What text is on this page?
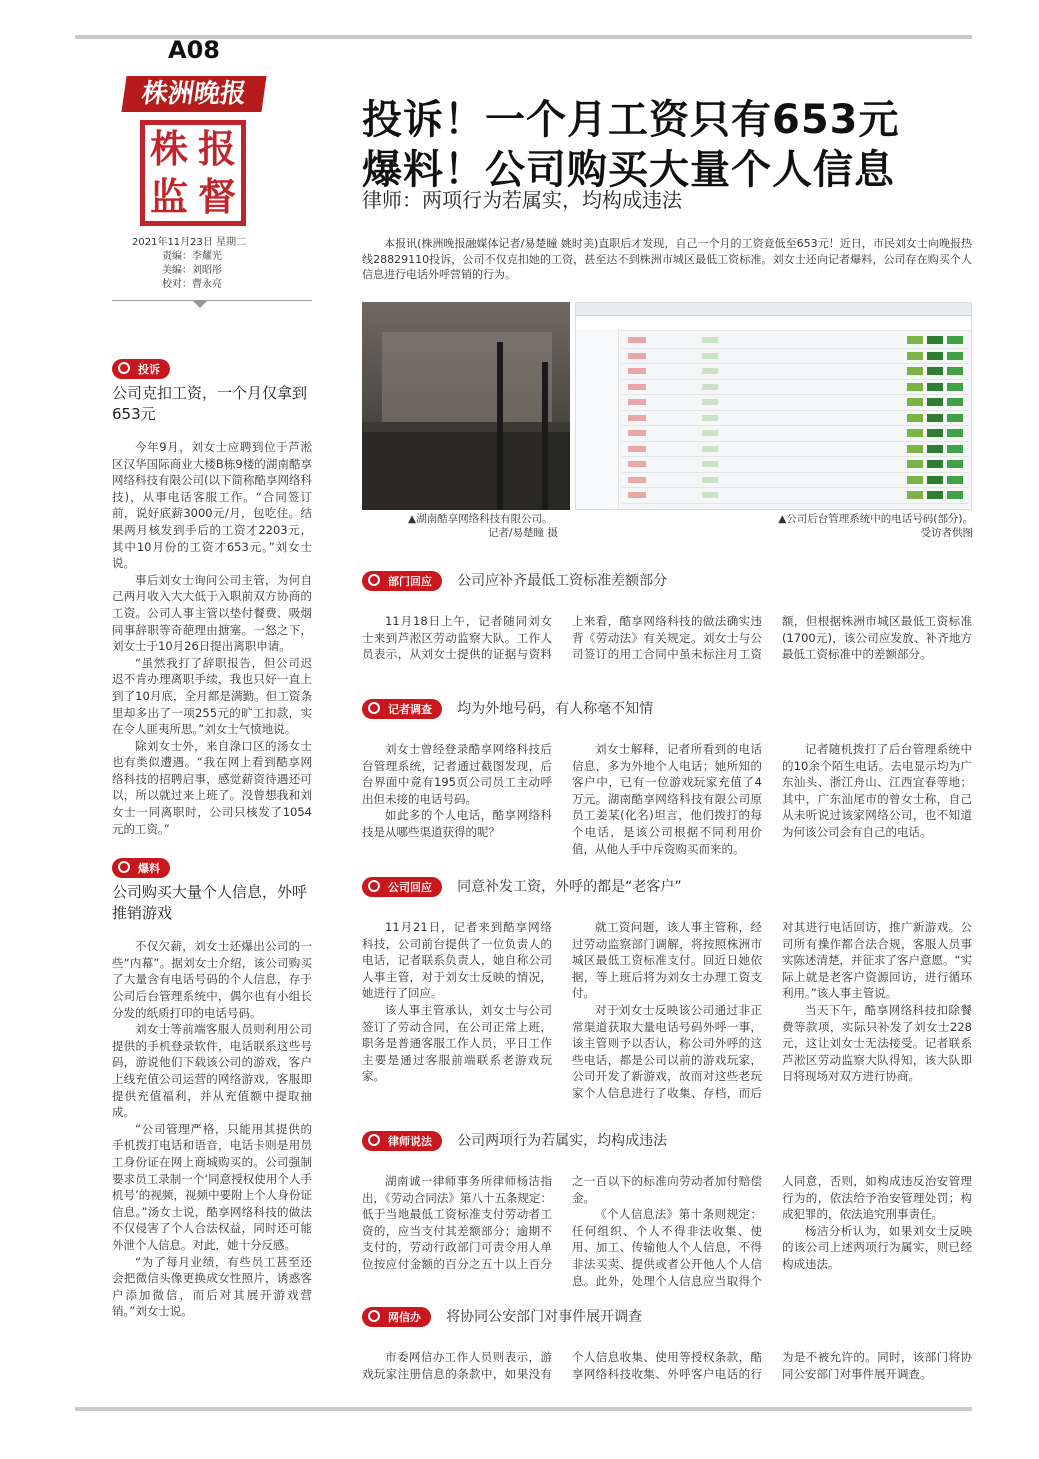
A08
株洲晚报
株 报
监 督
2021年11月23日 星期二
责编：李耀光
美编：刘昭彤
校对：曹永亮
投诉！一个月工资只有653元
爆料！公司购买大量个人信息
律师：两项行为若属实，均构成违法

本报讯(株洲晚报融媒体记者/易楚瞳 姚时美)直职后才发现，自己一个月的工资竟低至653元！近日，市民刘女士向晚报热线28829110投诉，公司不仅克扣她的工资，甚至达不到株洲市城区最低工资标准。刘女士还向记者爆料，公司存在购买个人信息进行电话外呼营销的行为。

▲湖南酷享网络科技有限公司。
记者/易楚瞳 摄
▲公司后台管理系统中的电话号码(部分)。
受访者供图
投诉
公司克扣工资，一个月仅拿到653元

今年9月，刘女士应聘到位于芦淞区汉华国际商业大楼B栋9楼的湖南酷享网络科技有限公司(以下简称酷享网络科技)，从事电话客服工作。“合同签订前，说好底薪3000元/月，包吃住。结果两月核发到手后的工资才2203元，其中10月份的工资才653元。”刘女士说。

事后刘女士询问公司主管，为何自己两月收入大大低于入职前双方协商的工资。公司人事主管以垫付餐费、吸烟同事辞职等奇葩理由搪塞。一怒之下，刘女士于10月26日提出离职申请。

“虽然我打了辞职报告，但公司迟迟不肯办理离职手续，我也只好一直上到了10月底，全月都是满勤。但工资条里却多出了一项255元的旷工扣款，实在令人匪夷所思。”刘女士气愤地说。

除刘女士外，来自淥口区的汤女士也有类似遭遇。“我在网上看到酷享网络科技的招聘启事，感觉薪资待遇还可以，所以就过来上班了。没曾想我和刘女士一同离职时，公司只核发了1054元的工资。”

爆料
公司购买大量个人信息，外呼推销游戏

不仅欠薪，刘女士还爆出公司的一些“内幕”。据刘女士介绍，该公司购买了大量含有电话号码的个人信息，存于公司后台管理系统中，偶尔也有小组长分发的纸质打印的电话号码。

刘女士等前端客服人员则利用公司提供的手机登录软件，电话联系这些号码，游说他们下载该公司的游戏，客户上线充值公司运营的网络游戏，客服即提供充值福利，并从充值额中提取抽成。

“公司管理严格，只能用其提供的手机拨打电话和语音，电话卡则是用员工身份证在网上商城购买的。公司强制要求员工录制一个‘同意授权使用个人手机号’的视频，视频中要附上个人身份证信息。”汤女士说，酷享网络科技的做法不仅侵害了个人合法权益，同时还可能外泄个人信息。对此，她十分反感。

“为了每月业绩，有些员工甚至还会把微信头像更换成女性照片，诱惑客户添加微信，而后对其展开游戏营销。”刘女士说。

部门回应 公司应补齐最低工资标准差额部分

11月18日上午，记者随同刘女士来到芦淞区劳动监察大队。工作人员表示，从刘女士提供的证据与资料上来看，酷享网络科技的做法确实违背《劳动法》有关规定。刘女士与公司签订的用工合同中虽未标注月工资额，但根据株洲市城区最低工资标准(1700元)，该公司应发放、补齐地方最低工资标准中的差额部分。

记者调查 均为外地号码，有人称毫不知情

刘女士曾经登录酷享网络科技后台管理系统，记者通过截图发现，后台界面中竟有195页公司员工主动呼出但未接的电话号码。

如此多的个人电话，酷享网络科技是从哪些渠道获得的呢？

刘女士解释，记者所看到的电话信息，多为外地个人电话；她所知的客户中，已有一位游戏玩家充值了4万元。湖南酷享网络科技有限公司原员工姜某(化名)坦言，他们拨打的每个电话，是该公司根据不同利用价值，从他人手中斥资购买而来的。

记者随机拨打了后台管理系统中的10余个陌生电话。去电显示均为广东汕头、浙江舟山、江西宜春等地；其中，广东汕尾市的曾女士称，自己从未听说过该家网络公司，也不知道为何该公司会有自己的电话。

公司回应 同意补发工资，外呼的都是“老客户”

11月21日，记者来到酷享网络科技，公司前台提供了一位负责人的电话，记者联系负责人，她自称公司人事主管，对于刘女士反映的情况，她进行了回应。

该人事主管承认，刘女士与公司签订了劳动合同，在公司正常上班，职务是普通客服工作人员，平日工作主要是通过客服前端联系老游戏玩家。

就工资问题，该人事主管称，经过劳动监察部门调解，将按照株洲市城区最低工资标准支付。回近日她依据，等上班后将为刘女士办理工资支付。

对于刘女士反映该公司通过非正常渠道获取大量电话号码外呼一事，该主管则予以否认，称公司外呼的这些电话，都是公司以前的游戏玩家，公司开发了新游戏，故而对这些老玩家个人信息进行了收集、存档，而后对其进行电话回访，推广新游戏。公司所有操作都合法合规，客服人员事实陈述清楚，并征求了客户意愿。“实际上就是老客户资源回访，进行循环利用。”该人事主管说。

当天下午，酷享网络科技扣除餐费等款项，实际只补发了刘女士228元，这让刘女士无法接受。记者联系芦淞区劳动监察大队得知，该大队即日将现场对双方进行协商。

律师说法 公司两项行为若属实，均构成违法

湖南诚一律师事务所律师杨洁指出，《劳动合同法》第八十五条规定：低于当地最低工资标准支付劳动者工资的，应当支付其差额部分；逾期不支付的，劳动行政部门可责令用人单位按应付金额的百分之五十以上百分之一百以下的标准向劳动者加付赔偿金。

《个人信息法》第十条则规定：任何组织、个人不得非法收集、使用、加工、传输他人个人信息，不得非法买卖、提供或者公开他人个人信息。此外，处理个人信息应当取得个人同意，否则，如构成违反治安管理行为的，依法给予治安管理处罚；构成犯罪的，依法追究刑事责任。

杨洁分析认为，如果刘女士反映的该公司上述两项行为属实，则已经构成违法。

网信办 将协同公安部门对事件展开调查

市委网信办工作人员则表示，游戏玩家注册信息的条款中，如果没有个人信息收集、使用等授权条款，酷享网络科技收集、外呼客户电话的行为是不被允许的。同时，该部门将协同公安部门对事件展开调查。
